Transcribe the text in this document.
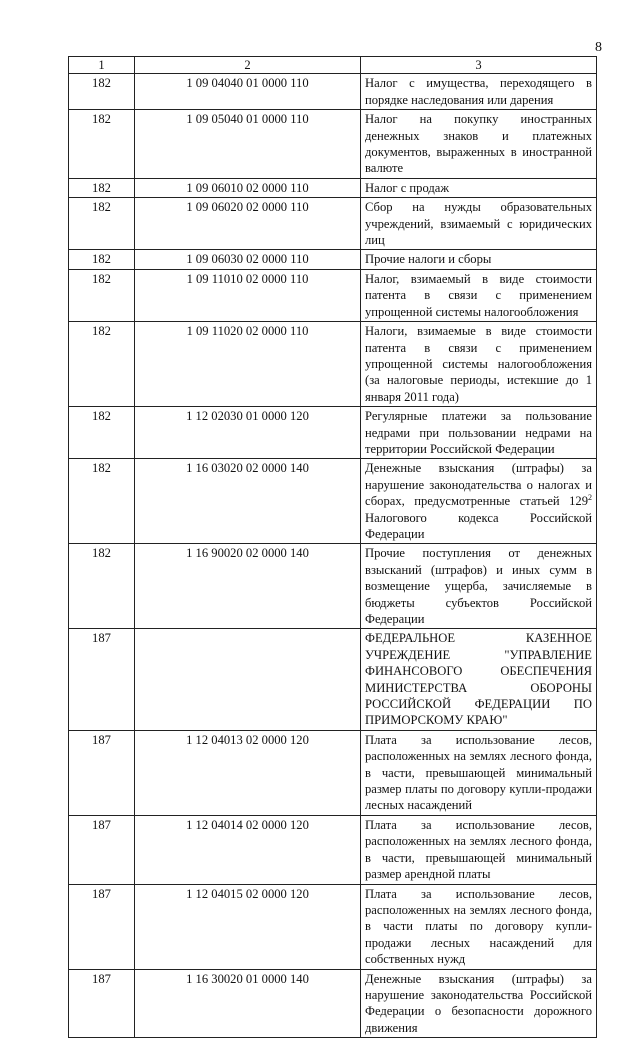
8
1	2	3
182	1 09 04040 01 0000 110	Налог с имущества, переходящего в порядке наследования или дарения
182	1 09 05040 01 0000 110	Налог на покупку иностранных денежных знаков и платежных документов, выраженных в иностранной валюте
182	1 09 06010 02 0000 110	Налог с продаж
182	1 09 06020 02 0000 110	Сбор на нужды образовательных учреждений, взимаемый с юридических лиц
182	1 09 06030 02 0000 110	Прочие налоги и сборы
182	1 09 11010 02 0000 110	Налог, взимаемый в виде стоимости патента в связи с применением упрощенной системы налогообложения
182	1 09 11020 02 0000 110	Налоги, взимаемые в виде стоимости патента в связи с применением упрощенной системы налогообложения (за налоговые периоды, истекшие до 1 января 2011 года)
182	1 12 02030 01 0000 120	Регулярные платежи за пользование недрами при пользовании недрами на территории Российской Федерации
182	1 16 03020 02 0000 140	Денежные взыскания (штрафы) за нарушение законодательства о налогах и сборах, предусмотренные статьей $129^2$ Налогового кодекса Российской Федерации
182	1 16 90020 02 0000 140	Прочие поступления от денежных взысканий (штрафов) и иных сумм в возмещение ущерба, зачисляемые в бюджеты субъектов Российской Федерации
187		ФЕДЕРАЛЬНОЕ КАЗЕННОЕ УЧРЕЖДЕНИЕ "УПРАВЛЕНИЕ ФИНАНСОВОГО ОБЕСПЕЧЕНИЯ МИНИСТЕРСТВА ОБОРОНЫ РОССИЙСКОЙ ФЕДЕРАЦИИ ПО ПРИМОРСКОМУ КРАЮ"
187	1 12 04013 02 0000 120	Плата за использование лесов, расположенных на землях лесного фонда, в части, превышающей минимальный размер платы по договору купли-продажи лесных насаждений
187	1 12 04014 02 0000 120	Плата за использование лесов, расположенных на землях лесного фонда, в части, превышающей минимальный размер арендной платы
187	1 12 04015 02 0000 120	Плата за использование лесов, расположенных на землях лесного фонда, в части платы по договору купли-продажи лесных насаждений для собственных нужд
187	1 16 30020 01 0000 140	Денежные взыскания (штрафы) за нарушение законодательства Российской Федерации о безопасности дорожного движения
